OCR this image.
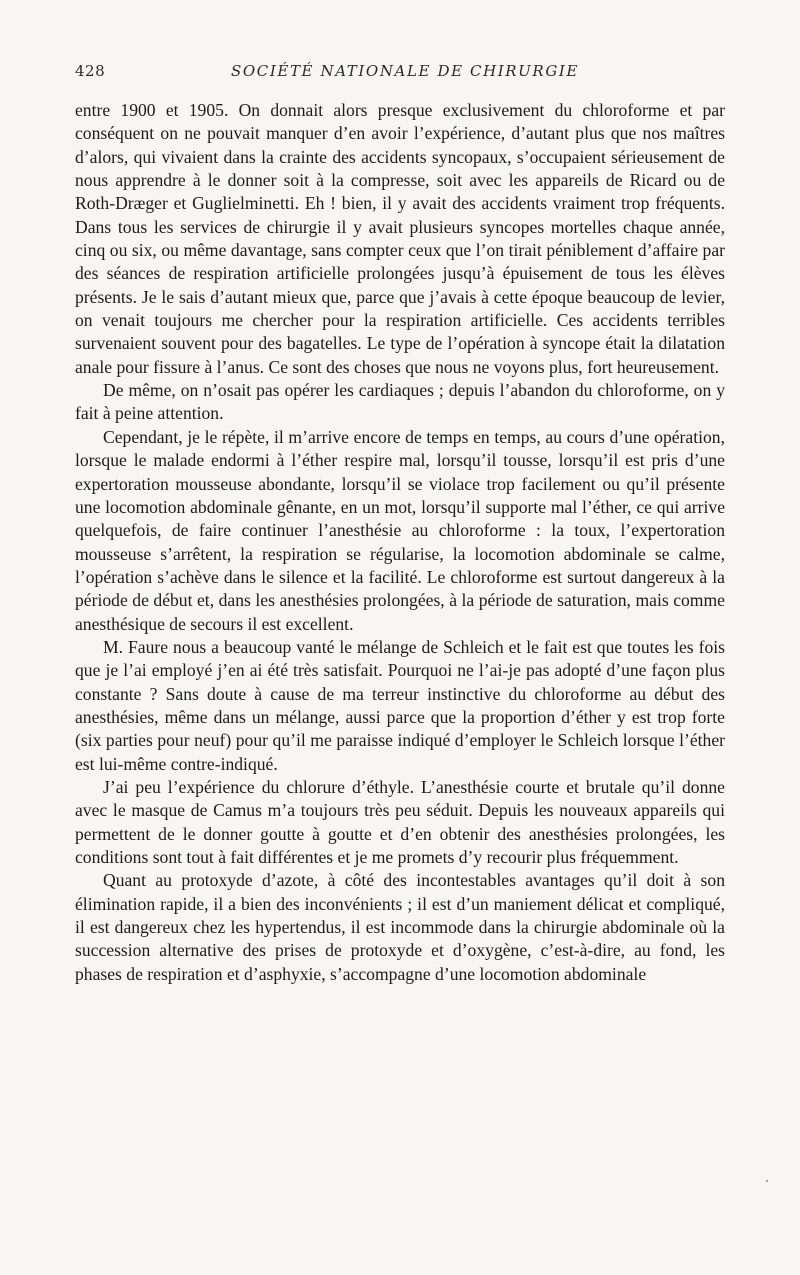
428	SOCIÉTÉ NATIONALE DE CHIRURGIE

entre 1900 et 1905. On donnait alors presque exclusivement du chloroforme et par conséquent on ne pouvait manquer d’en avoir l’expérience, d’autant plus que nos maîtres d’alors, qui vivaient dans la crainte des accidents syncopaux, s’occupaient sérieusement de nous apprendre à le donner soit à la compresse, soit avec les appareils de Ricard ou de Roth-Dræger et Guglielminetti. Eh ! bien, il y avait des accidents vraiment trop fréquents. Dans tous les services de chirurgie il y avait plusieurs syncopes mortelles chaque année, cinq ou six, ou même davantage, sans compter ceux que l’on tirait péniblement d’affaire par des séances de respiration artificielle prolongées jusqu’à épuisement de tous les élèves présents. Je le sais d’autant mieux que, parce que j’avais à cette époque beaucoup de levier, on venait toujours me chercher pour la respiration artificielle. Ces accidents terribles survenaient souvent pour des bagatelles. Le type de l’opération à syncope était la dilatation anale pour fissure à l’anus. Ce sont des choses que nous ne voyons plus, fort heureusement.

De même, on n’osait pas opérer les cardiaques ; depuis l’abandon du chloroforme, on y fait à peine attention.

Cependant, je le répète, il m’arrive encore de temps en temps, au cours d’une opération, lorsque le malade endormi à l’éther respire mal, lorsqu’il tousse, lorsqu’il est pris d’une expertoration mousseuse abondante, lorsqu’il se violace trop facilement ou qu’il présente une locomotion abdominale gênante, en un mot, lorsqu’il supporte mal l’éther, ce qui arrive quelquefois, de faire continuer l’anesthésie au chloroforme : la toux, l’expertoration mousseuse s’arrêtent, la respiration se régularise, la locomotion abdominale se calme, l’opération s’achève dans le silence et la facilité. Le chloroforme est surtout dangereux à la période de début et, dans les anesthésies prolongées, à la période de saturation, mais comme anesthésique de secours il est excellent.

M. Faure nous a beaucoup vanté le mélange de Schleich et le fait est que toutes les fois que je l’ai employé j’en ai été très satisfait. Pourquoi ne l’ai-je pas adopté d’une façon plus constante ? Sans doute à cause de ma terreur instinctive du chloroforme au début des anesthésies, même dans un mélange, aussi parce que la proportion d’éther y est trop forte (six parties pour neuf) pour qu’il me paraisse indiqué d’employer le Schleich lorsque l’éther est lui-même contre-indiqué.

J’ai peu l’expérience du chlorure d’éthyle. L’anesthésie courte et brutale qu’il donne avec le masque de Camus m’a toujours très peu séduit. Depuis les nouveaux appareils qui permettent de le donner goutte à goutte et d’en obtenir des anesthésies prolongées, les conditions sont tout à fait différentes et je me promets d’y recourir plus fréquemment.

Quant au protoxyde d’azote, à côté des incontestables avantages qu’il doit à son élimination rapide, il a bien des inconvénients ; il est d’un maniement délicat et compliqué, il est dangereux chez les hypertendus, il est incommode dans la chirurgie abdominale où la succession alternative des prises de protoxyde et d’oxygène, c’est-à-dire, au fond, les phases de respiration et d’asphyxie, s’accompagne d’une locomotion abdominale
